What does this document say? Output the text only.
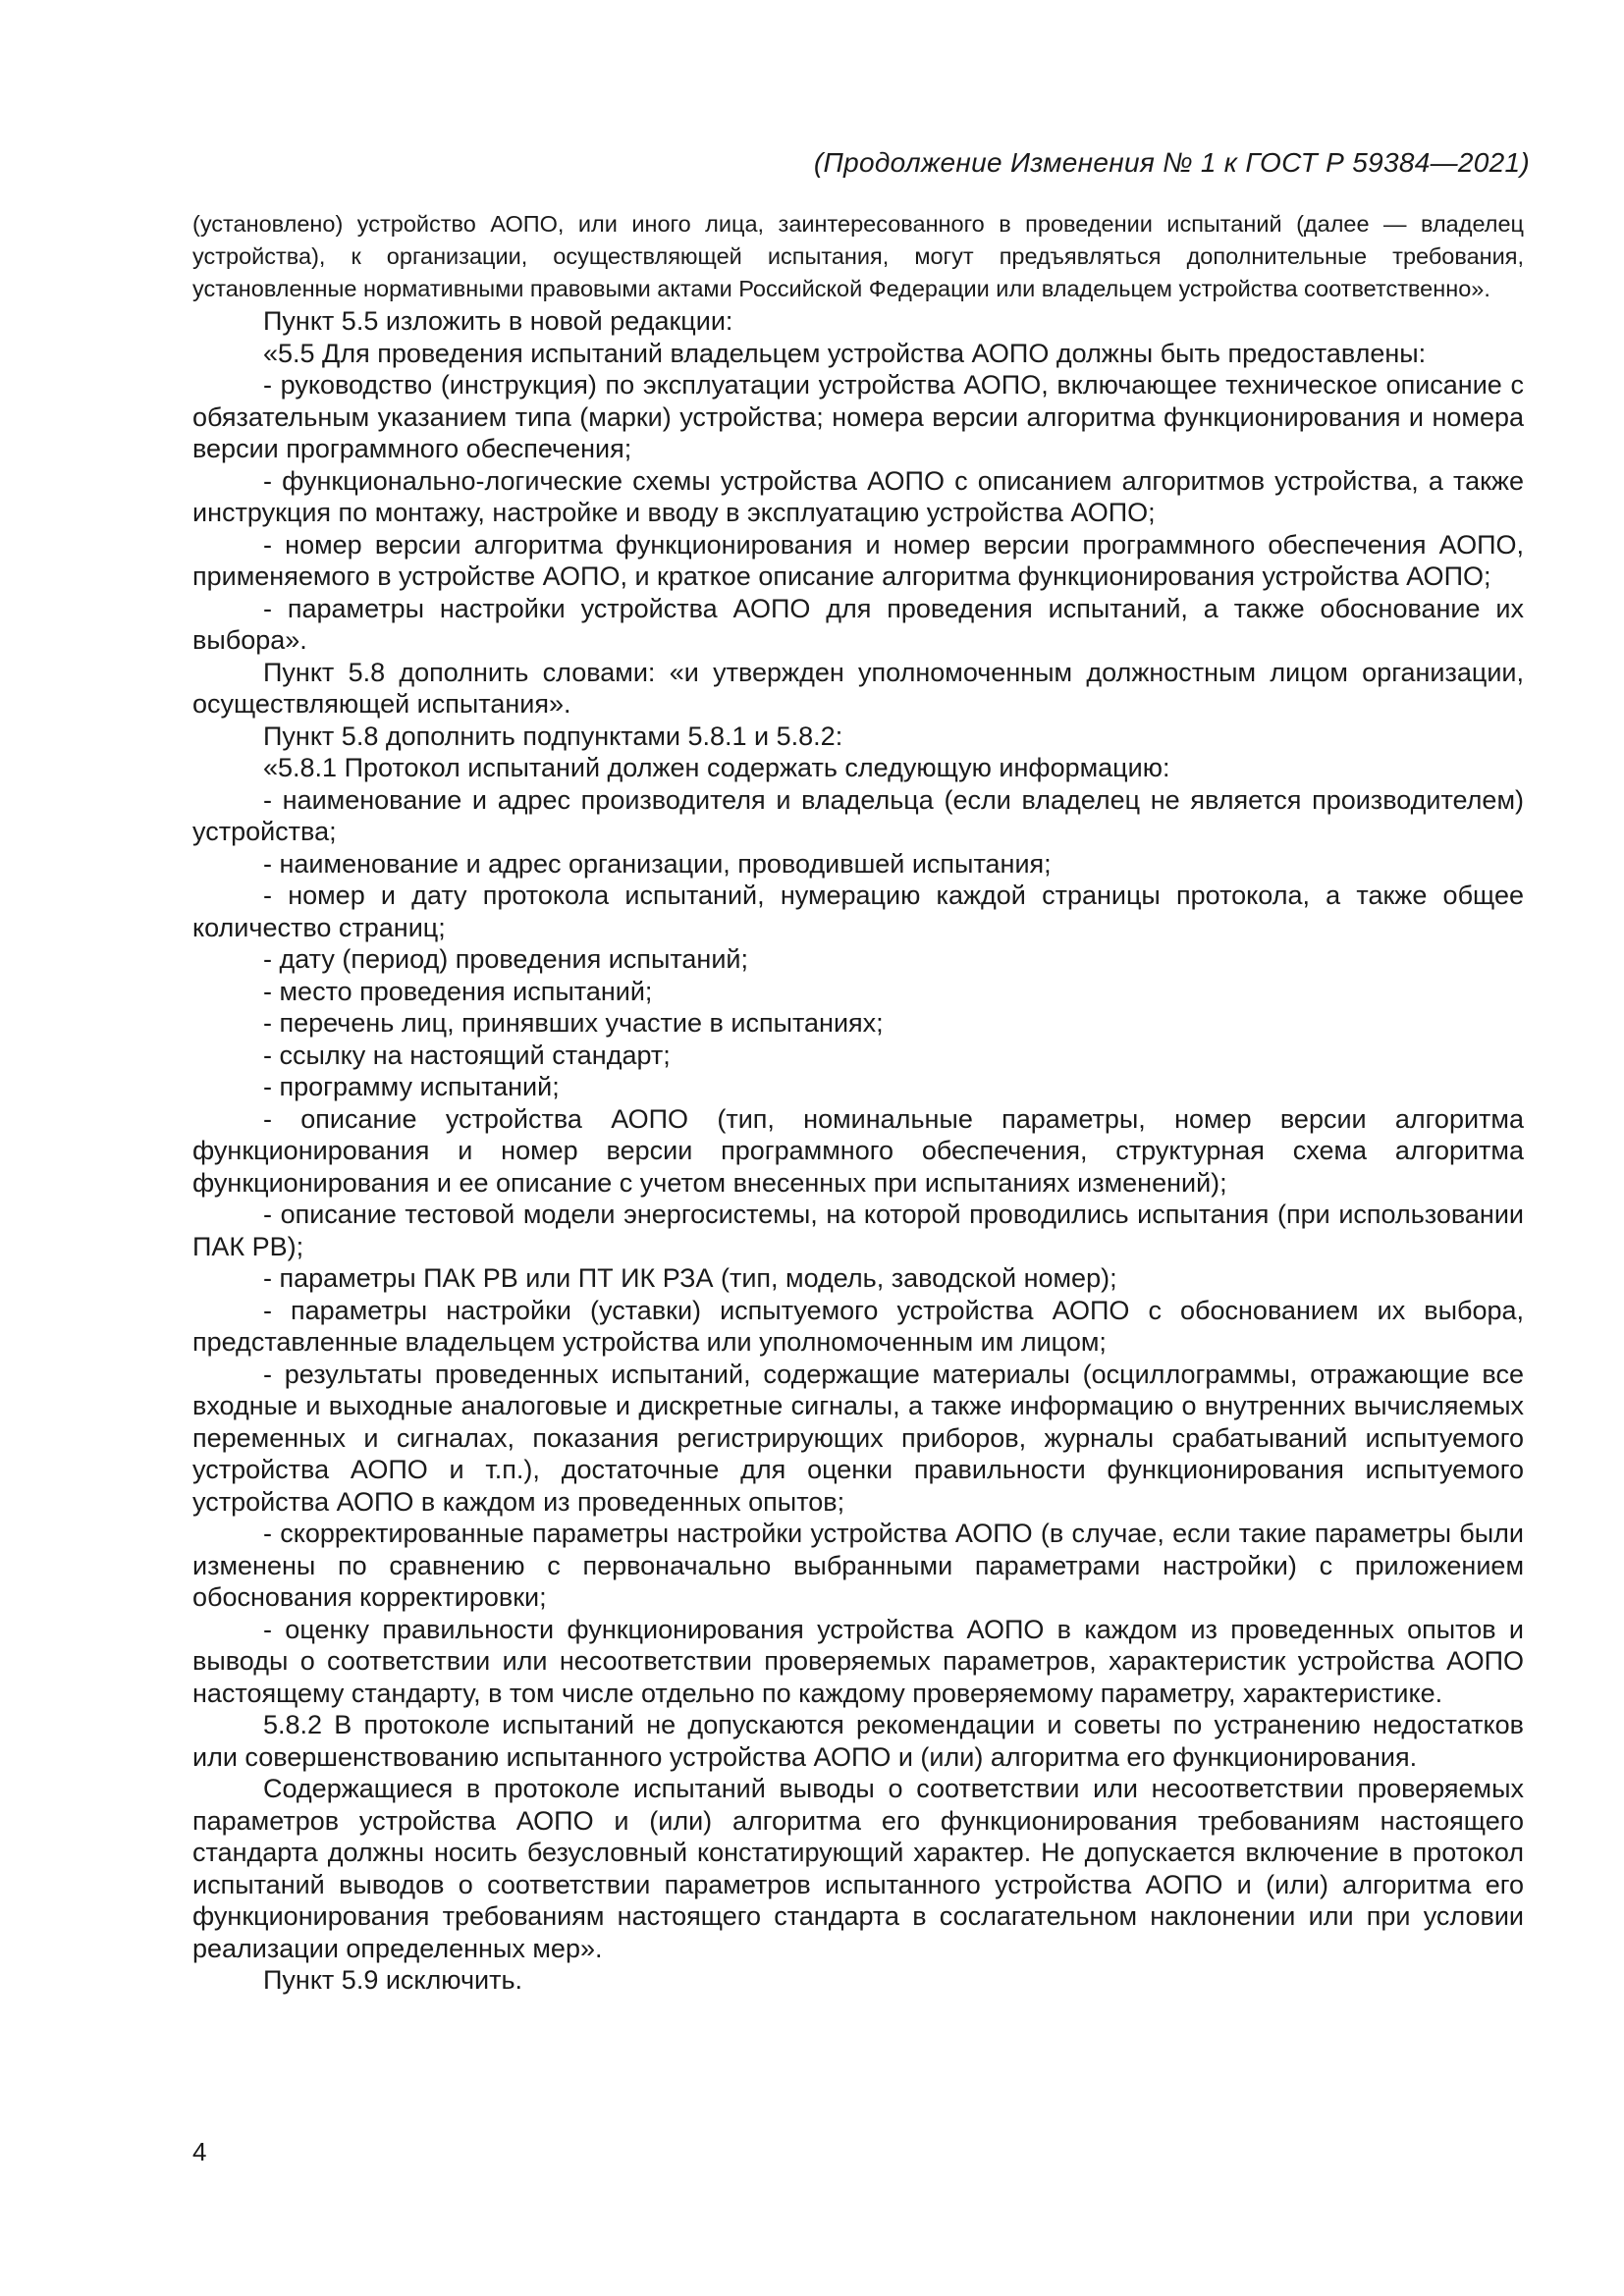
(Продолжение Изменения № 1 к ГОСТ Р 59384—2021)

(установлено) устройство АОПО, или иного лица, заинтересованного в проведении испытаний (далее — владелец устройства), к организации, осуществляющей испытания, могут предъявляться дополнительные требования, установленные нормативными правовыми актами Российской Федерации или владельцем устройства соответственно».

Пункт 5.5 изложить в новой редакции:

«5.5 Для проведения испытаний владельцем устройства АОПО должны быть предоставлены:

- руководство (инструкция) по эксплуатации устройства АОПО, включающее техническое описание с обязательным указанием типа (марки) устройства; номера версии алгоритма функционирования и номера версии программного обеспечения;

- функционально-логические схемы устройства АОПО с описанием алгоритмов устройства, а также инструкция по монтажу, настройке и вводу в эксплуатацию устройства АОПО;

- номер версии алгоритма функционирования и номер версии программного обеспечения АОПО, применяемого в устройстве АОПО, и краткое описание алгоритма функционирования устройства АОПО;

- параметры настройки устройства АОПО для проведения испытаний, а также обоснование их выбора».

Пункт 5.8 дополнить словами: «и утвержден уполномоченным должностным лицом организации, осуществляющей испытания».

Пункт 5.8 дополнить подпунктами 5.8.1 и 5.8.2:

«5.8.1 Протокол испытаний должен содержать следующую информацию:

- наименование и адрес производителя и владельца (если владелец не является производителем) устройства;

- наименование и адрес организации, проводившей испытания;

- номер и дату протокола испытаний, нумерацию каждой страницы протокола, а также общее количество страниц;

- дату (период) проведения испытаний;

- место проведения испытаний;

- перечень лиц, принявших участие в испытаниях;

- ссылку на настоящий стандарт;

- программу испытаний;

- описание устройства АОПО (тип, номинальные параметры, номер версии алгоритма функционирования и номер версии программного обеспечения, структурная схема алгоритма функционирования и ее описание с учетом внесенных при испытаниях изменений);

- описание тестовой модели энергосистемы, на которой проводились испытания (при использовании ПАК РВ);

- параметры ПАК РВ или ПТ ИК РЗА (тип, модель, заводской номер);

- параметры настройки (уставки) испытуемого устройства АОПО с обоснованием их выбора, представленные владельцем устройства или уполномоченным им лицом;

- результаты проведенных испытаний, содержащие материалы (осциллограммы, отражающие все входные и выходные аналоговые и дискретные сигналы, а также информацию о внутренних вычисляемых переменных и сигналах, показания регистрирующих приборов, журналы срабатываний испытуемого устройства АОПО и т.п.), достаточные для оценки правильности функционирования испытуемого устройства АОПО в каждом из проведенных опытов;

- скорректированные параметры настройки устройства АОПО (в случае, если такие параметры были изменены по сравнению с первоначально выбранными параметрами настройки) с приложением обоснования корректировки;

- оценку правильности функционирования устройства АОПО в каждом из проведенных опытов и выводы о соответствии или несоответствии проверяемых параметров, характеристик устройства АОПО настоящему стандарту, в том числе отдельно по каждому проверяемому параметру, характеристике.

5.8.2 В протоколе испытаний не допускаются рекомендации и советы по устранению недостатков или совершенствованию испытанного устройства АОПО и (или) алгоритма его функционирования.

Содержащиеся в протоколе испытаний выводы о соответствии или несоответствии проверяемых параметров устройства АОПО и (или) алгоритма его функционирования требованиям настоящего стандарта должны носить безусловный констатирующий характер. Не допускается включение в протокол испытаний выводов о соответствии параметров испытанного устройства АОПО и (или) алгоритма его функционирования требованиям настоящего стандарта в сослагательном наклонении или при условии реализации определенных мер».

Пункт 5.9 исключить.

4
